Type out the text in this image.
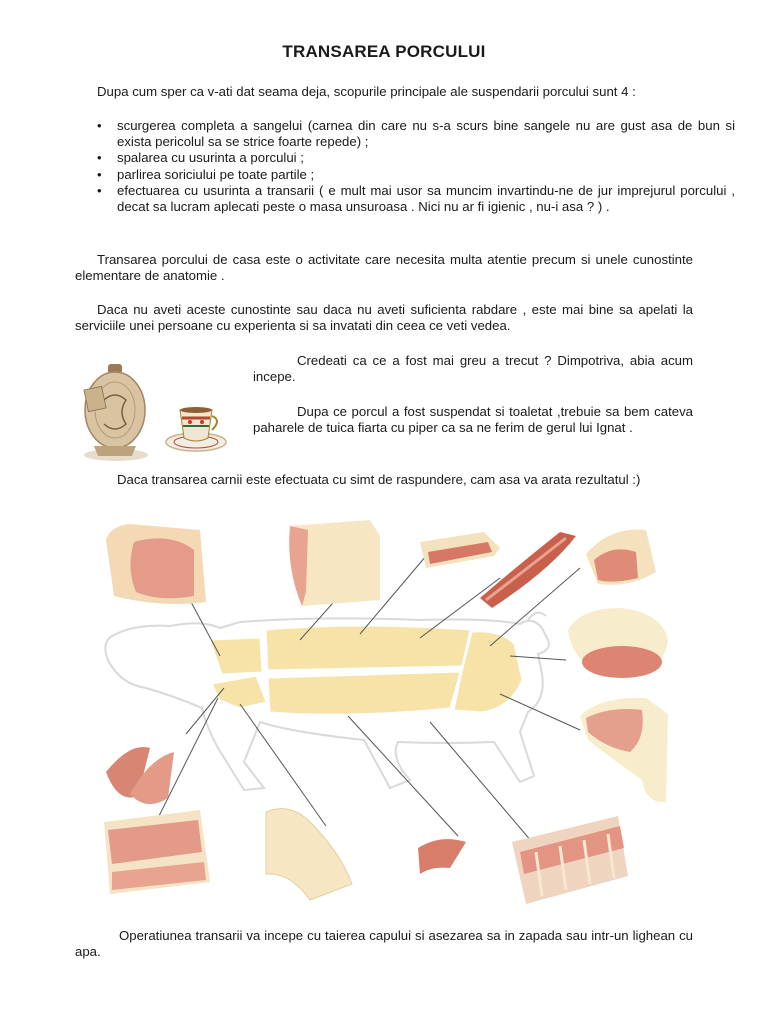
TRANSAREA PORCULUI
Dupa cum sper ca v-ati dat seama deja, scopurile principale ale suspendarii porcului sunt 4 :
• scurgerea completa a sangelui (carnea din care nu s-a scurs bine sangele nu are gust asa de bun si exista pericolul sa se strice foarte repede) ;
• spalarea cu usurinta a porcului ;
• parlirea soriciului pe toate partile ;
• efectuarea cu usurinta a transarii ( e mult mai usor sa muncim invartindu-ne de jur imprejurul porcului , decat sa lucram aplecati peste o masa unsuroasa . Nici nu ar fi igienic , nu-i asa ? ) .
Transarea porcului de casa este o activitate care necesita multa atentie precum si unele cunostinte elementare de anatomie .
Daca nu aveti aceste cunostinte sau daca nu aveti suficienta rabdare , este mai bine sa apelati la serviciile unei persoane cu experienta si sa invatati din ceea ce veti vedea.
Credeati ca ce a fost mai greu a trecut ? Dimpotriva, abia acum incepe.
Dupa ce porcul a fost suspendat si toaletat ,trebuie sa bem cateva paharele de tuica fiarta cu piper ca sa ne ferim de gerul lui Ignat .
Daca transarea carnii este efectuata cu simt de raspundere, cam asa va arata rezultatul :)
Operatiunea transarii va incepe cu taierea capului si asezarea sa in zapada sau intr-un lighean cu apa.
